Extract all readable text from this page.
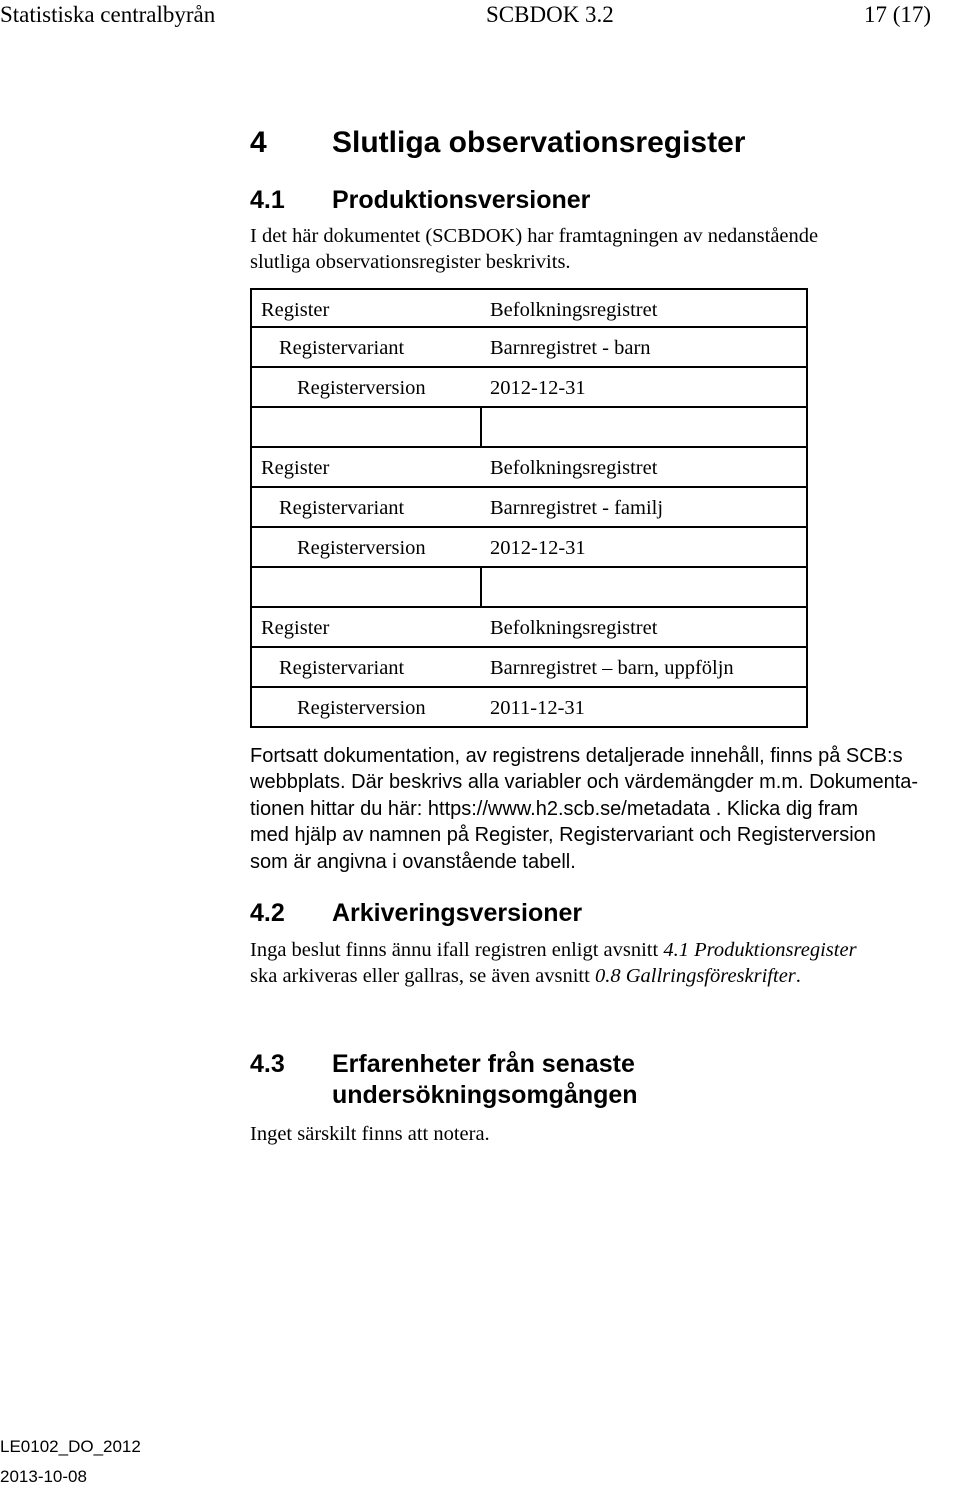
Statistiska centralbyrån	SCBDOK 3.2	17 (17)
4 Slutliga observationsregister
4.1 Produktionsversioner
I det här dokumentet (SCBDOK) har framtagningen av nedanstående
slutliga observationsregister beskrivits.
Register	Befolkningsregistret
Registervariant	Barnregistret - barn
Registerversion	2012-12-31
Register	Befolkningsregistret
Registervariant	Barnregistret - familj
Registerversion	2012-12-31
Register	Befolkningsregistret
Registervariant	Barnregistret – barn, uppföljn
Registerversion	2011-12-31
Fortsatt dokumentation, av registrens detaljerade innehåll, finns på SCB:s
webbplats. Där beskrivs alla variabler och värdemängder m.m. Dokumenta-
tionen hittar du här: https://www.h2.scb.se/metadata . Klicka dig fram
med hjälp av namnen på Register, Registervariant och Registerversion
som är angivna i ovanstående tabell.
4.2 Arkiveringsversioner
Inga beslut finns ännu ifall registren enligt avsnitt 4.1 Produktionsregister
ska arkiveras eller gallras, se även avsnitt 0.8 Gallringsföreskrifter.
4.3 Erfarenheter från senaste
undersökningsomgången
Inget särskilt finns att notera.
LE0102_DO_2012
2013-10-08
